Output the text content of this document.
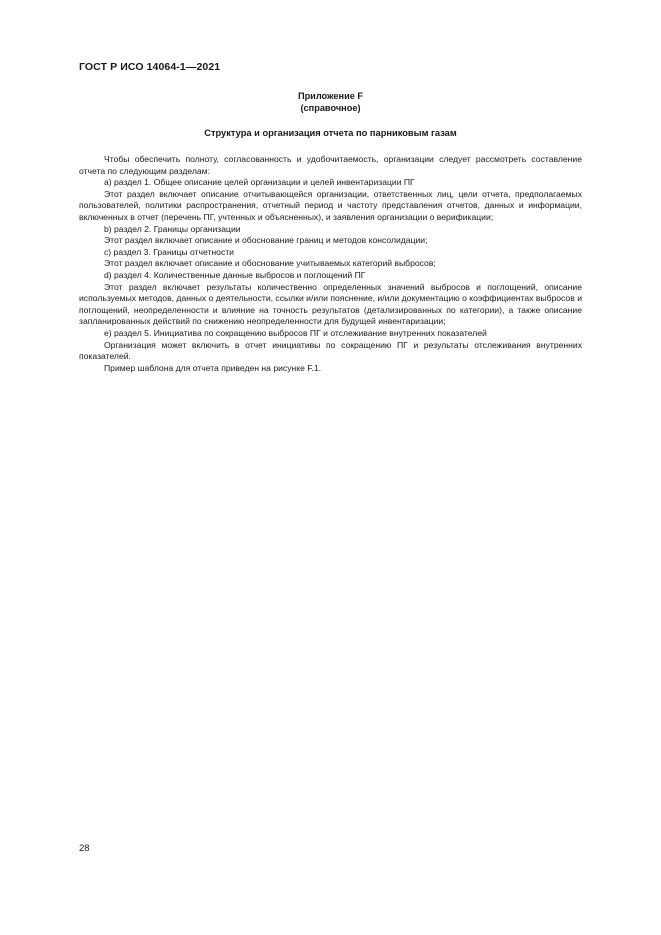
ГОСТ Р ИСО 14064-1—2021
Приложение F
(справочное)
Структура и организация отчета по парниковым газам

Чтобы обеспечить полноту, согласованность и удобочитаемость, организации следует рассмотреть составление отчета по следующим разделам:

a) раздел 1. Общее описание целей организации и целей инвентаризации ПГ

Этот раздел включает описание отчитывающейся организации, ответственных лиц, цели отчета, предполагаемых пользователей, политики распространения, отчетный период и частоту представления отчетов, данных и информации, включенных в отчет (перечень ПГ, учтенных и объясненных), и заявления организации о верификации;

b) раздел 2. Границы организации

Этот раздел включает описание и обоснование границ и методов консолидации;

c) раздел 3. Границы отчетности

Этот раздел включает описание и обоснование учитываемых категорий выбросов;

d) раздел 4. Количественные данные выбросов и поглощений ПГ

Этот раздел включает результаты количественно определенных значений выбросов и поглощений, описание используемых методов, данных о деятельности, ссылки и/или пояснение, и/или документацию о коэффициентах выбросов и поглощений, неопределенности и влияние на точность результатов (детализированных по категории), а также описание запланированных действий по снижению неопределенности для будущей инвентаризации;

e) раздел 5. Инициатива по сокращению выбросов ПГ и отслеживание внутренних показателей

Организация может включить в отчет инициативы по сокращению ПГ и результаты отслеживания внутренних показателей.

Пример шаблона для отчета приведен на рисунке F.1.

28
